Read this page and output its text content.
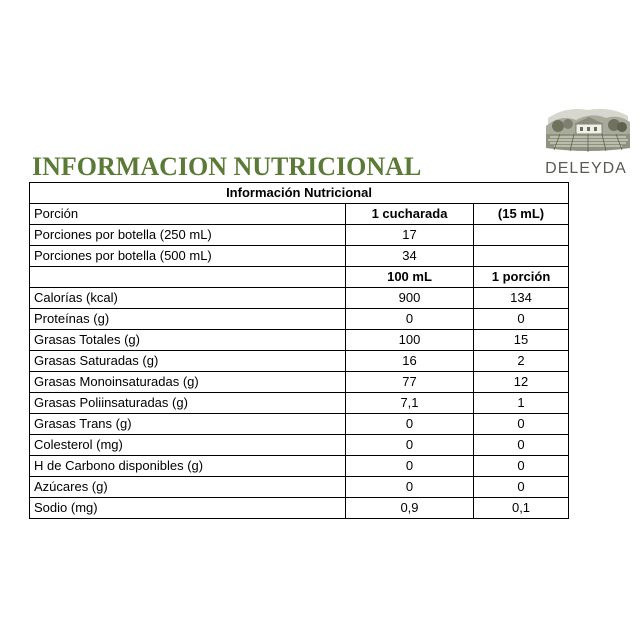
INFORMACION NUTRICIONAL	DELEYDA
Información Nutricional		
Porción	1 cucharada	(15 mL)
Porciones por botella (250 mL)	17	
Porciones por botella (500 mL)	34	
	100 mL	1 porción
Calorías (kcal)	900	134
Proteínas (g)	0	0
Grasas Totales (g)	100	15
Grasas Saturadas (g)	16	2
Grasas Monoinsaturadas (g)	77	12
Grasas Poliinsaturadas (g)	7,1	1
Grasas Trans (g)	0	0
Colesterol (mg)	0	0
H de Carbono disponibles (g)	0	0
Azúcares (g)	0	0
Sodio (mg)	0,9	0,1
